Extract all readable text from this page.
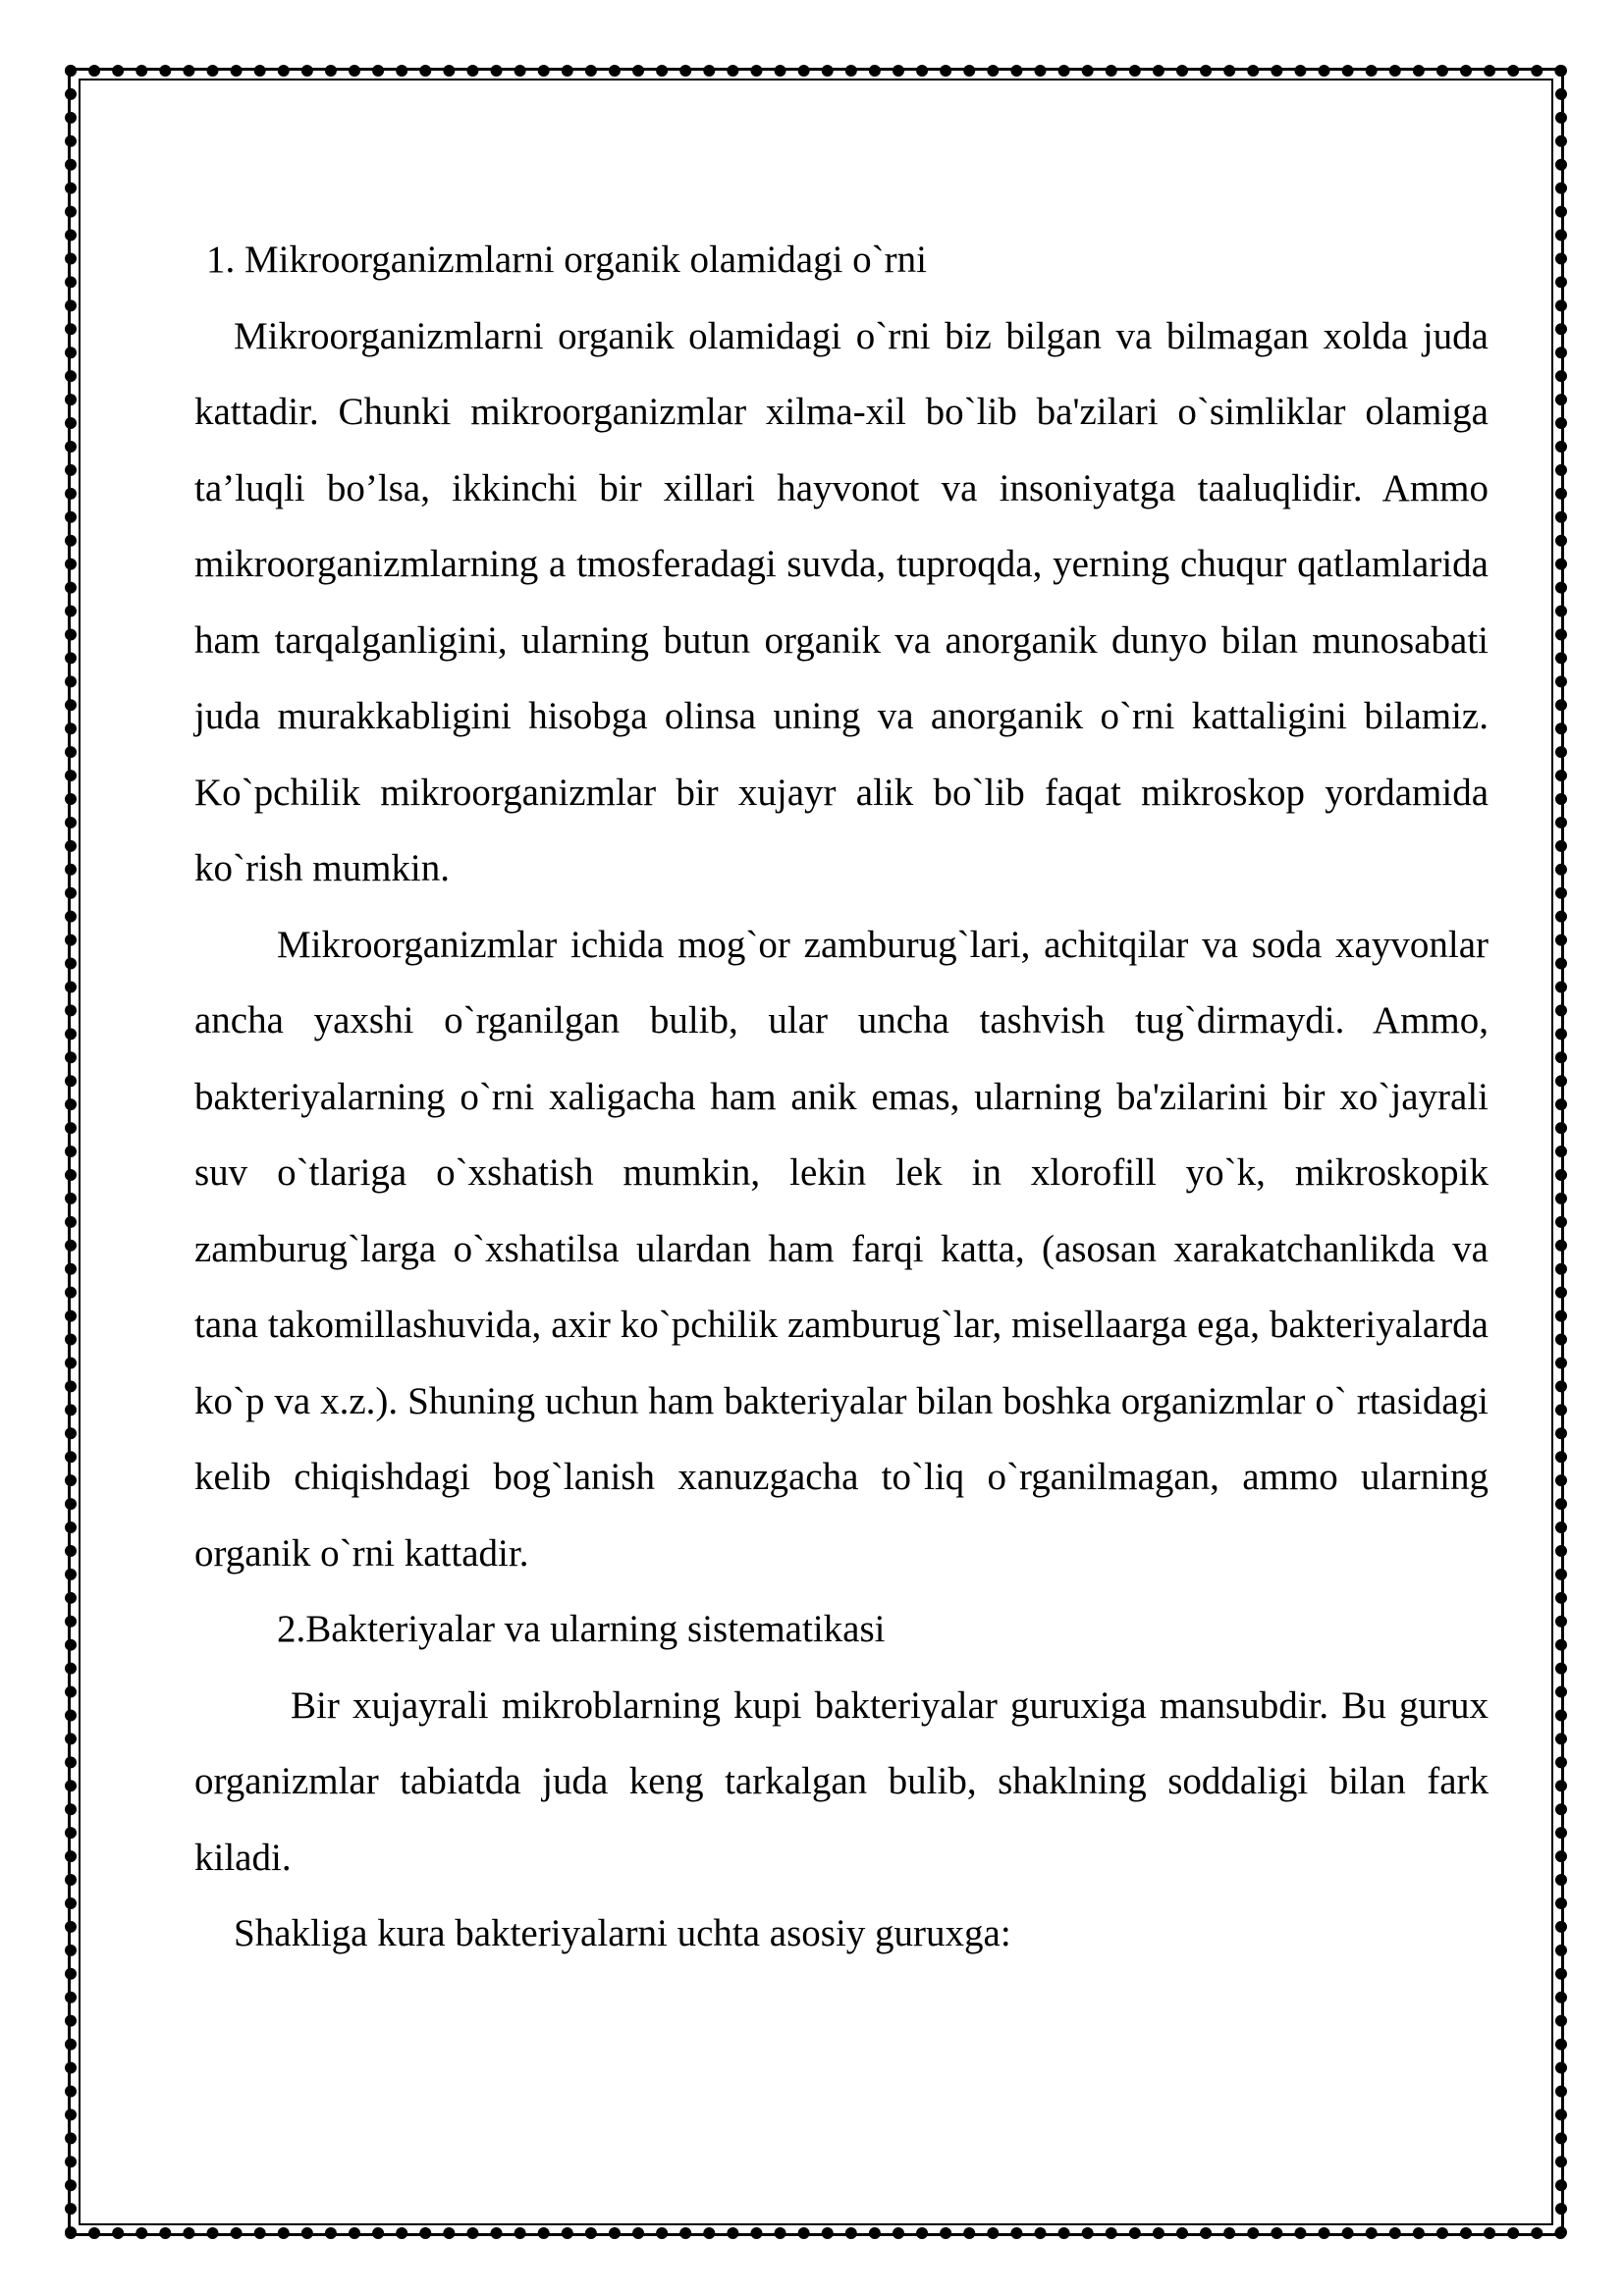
1. Mikroorganizmlarni organik olamidagi o`rni

Mikroorganizmlarni organik olamidagi o`rni biz bilgan va bilmagan xolda juda kattadir. Chunki mikroorganizmlar xilma-xil bo`lib ba'zilari o`simliklar olamiga ta’luqli bo’lsa, ikkinchi bir xillari hayvonot va insoniyatga taaluqlidir. Ammo mikroorganizmlarning a tmosferadagi suvda, tuproqda, yerning chuqur qatlamlarida ham tarqalganligini, ularning butun organik va anorganik dunyo bilan munosabati juda murakkabligini hisobga olinsa uning va anorganik o`rni kattaligini bilamiz. Ko`pchilik mikroorganizmlar bir xujayr alik bo`lib faqat mikroskop yordamida ko`rish mumkin.

Mikroorganizmlar ichida mog`or zamburug`lari, achitqilar va soda xayvonlar ancha yaxshi o`rganilgan bulib, ular uncha tashvish tug`dirmaydi. Ammo, bakteriyalarning o`rni xaligacha ham anik emas, ularning ba'zilarini bir xo`jayrali suv o`tlariga o`xshatish mumkin, lekin lek in xlorofill yo`k, mikroskopik zamburug`larga o`xshatilsa ulardan ham farqi katta, (asosan xarakatchanlikda va tana takomillashuvida, axir ko`pchilik zamburug`lar, misellaarga ega, bakteriyalarda ko`p va x.z.). Shuning uchun ham bakteriyalar bilan boshka organizmlar o` rtasidagi kelib chiqishdagi bog`lanish xanuzgacha to`liq o`rganilmagan, ammo ularning organik o`rni kattadir.

2.Bakteriyalar va ularning sistematikasi

Bir xujayrali mikroblarning kupi bakteriyalar guruxiga mansubdir. Bu gurux organizmlar tabiatda juda keng tarkalgan bulib, shaklning soddaligi bilan fark kiladi.

Shakliga kura bakteriyalarni uchta asosiy guruxga:
